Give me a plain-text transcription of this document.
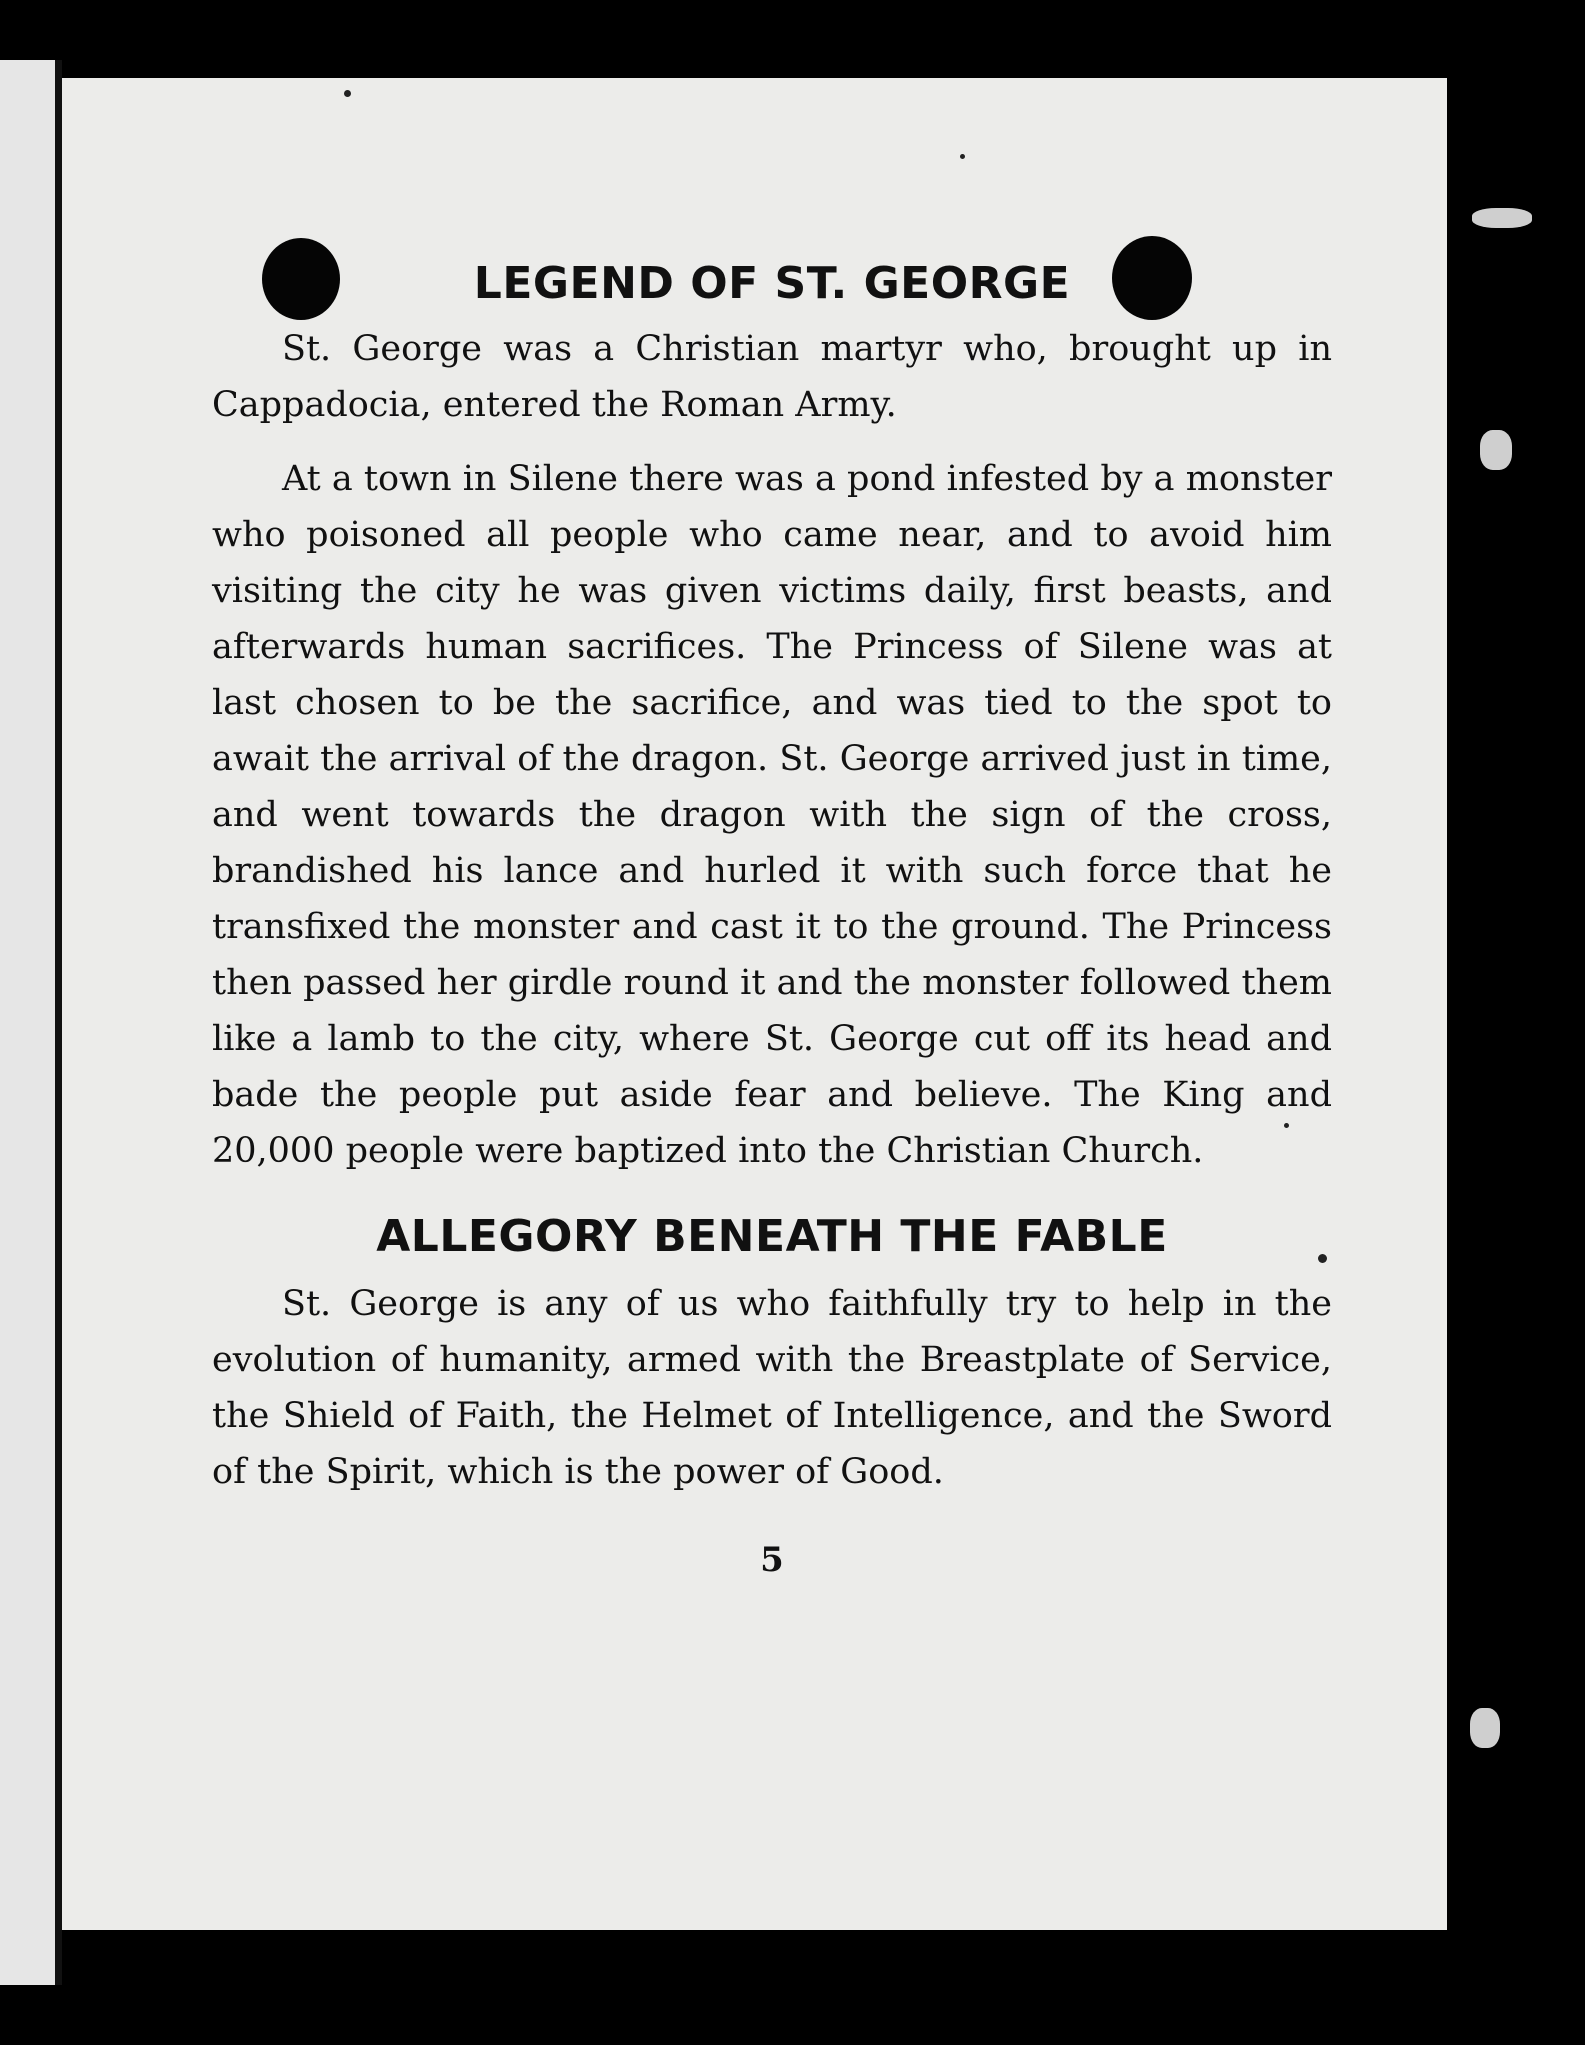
LEGEND OF ST. GEORGE

St. George was a Christian martyr who, brought up in Cappadocia, entered the Roman Army.

At a town in Silene there was a pond infested by a monster who poisoned all people who came near, and to avoid him visiting the city he was given victims daily, first beasts, and afterwards human sacrifices. The Princess of Silene was at last chosen to be the sacrifice, and was tied to the spot to await the arrival of the dragon. St. George arrived just in time, and went towards the dragon with the sign of the cross, brandished his lance and hurled it with such force that he transfixed the monster and cast it to the ground. The Princess then passed her girdle round it and the monster followed them like a lamb to the city, where St. George cut off its head and bade the people put aside fear and believe. The King and 20,000 people were baptized into the Christian Church.

ALLEGORY BENEATH THE FABLE

St. George is any of us who faithfully try to help in the evolution of humanity, armed with the Breastplate of Service, the Shield of Faith, the Helmet of Intelligence, and the Sword of the Spirit, which is the power of Good.

5
